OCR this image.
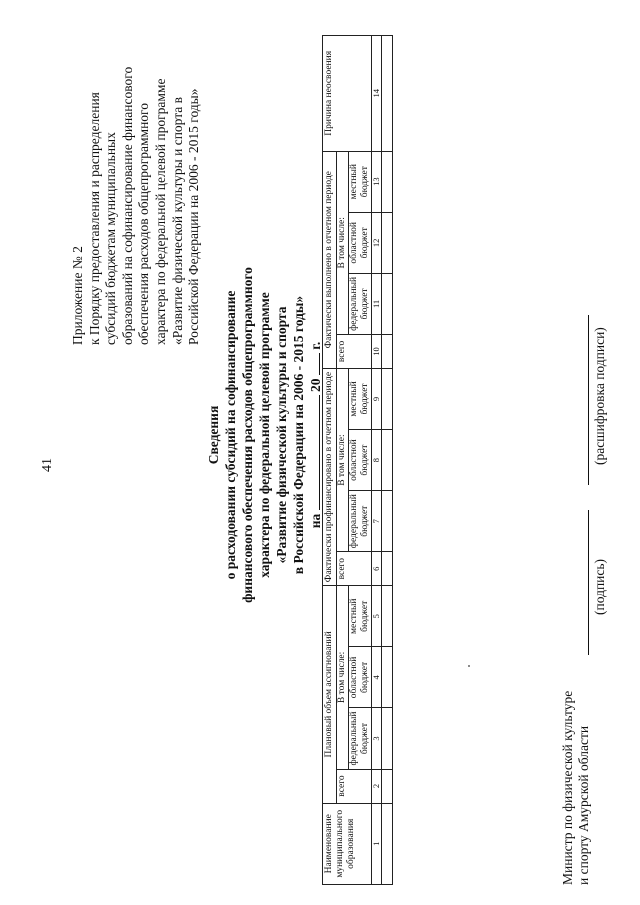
41
Приложение № 2 к Порядку предоставления и распределения субсидий бюджетам муниципальных образований на софинансирование финансового обеспечения расходов общепрограммного характера по федеральной целевой программе «Развитие физической культуры и спорта в Российской Федерации на 2006 - 2015 годы»
Сведения о расходовании субсидий на софинансирование финансового обеспечения расходов общепрограммного характера по федеральной целевой программе «Развитие физической культуры и спорта в Российской Федерации на 2006 - 2015 годы» на  20  г.
Наименование муниципального образования	Плановый объем ассигнований				Фактически профинансировано в отчетном периоде				Фактически выполнено в отчетном периоде				Причина неосвоения
	всего	В том числе:			всего	В том числе:			всего	В том числе:			
		федеральный бюджет	областной бюджет	местный бюджет		федеральный бюджет	областной бюджет	местный бюджет		федеральный бюджет	областной бюджет	местный бюджет	
1	2	3	4	5	6	7	8	9	10	11	12	13	14

Министр по физической культуре и спорту Амурской области
(подпись)
(расшифровка подписи)
